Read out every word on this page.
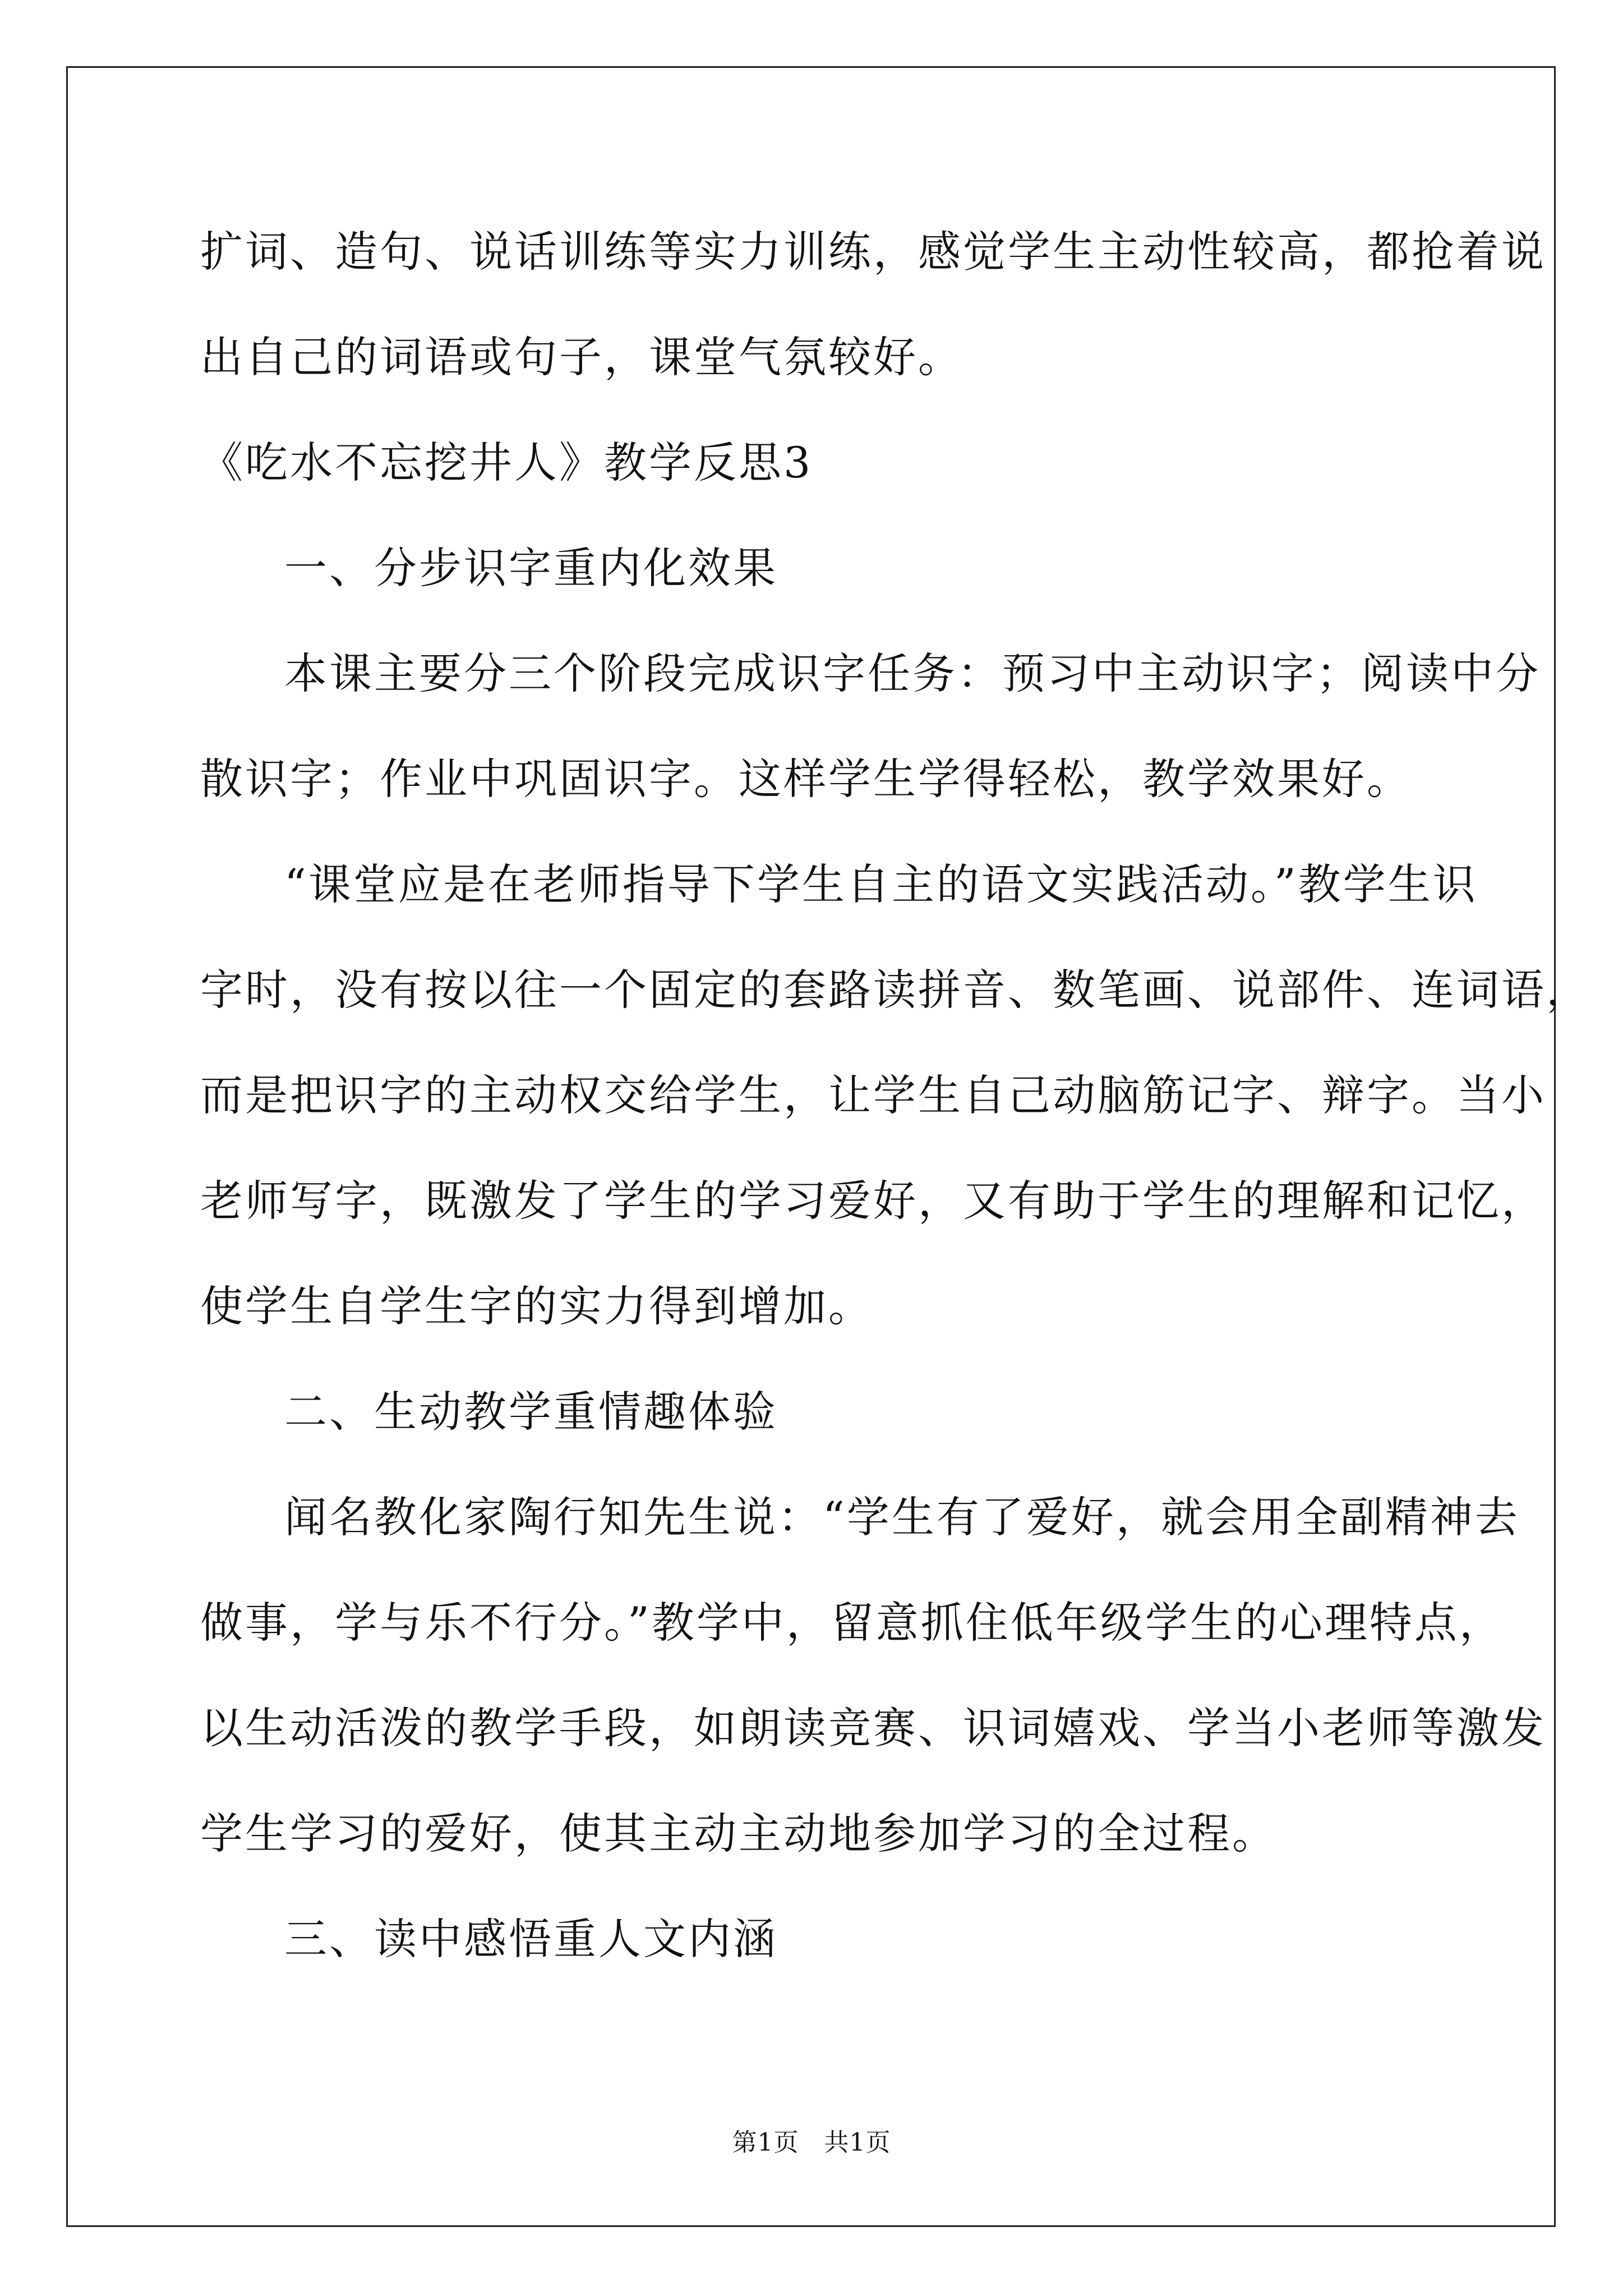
扩词、造句、说话训练等实力训练，感觉学生主动性较高，都抢着说
出自己的词语或句子，课堂气氛较好。
《吃水不忘挖井人》教学反思3
一、分步识字重内化效果
本课主要分三个阶段完成识字任务：预习中主动识字；阅读中分
散识字；作业中巩固识字。这样学生学得轻松，教学效果好。
“课堂应是在老师指导下学生自主的语文实践活动。”教学生识
字时，没有按以往一个固定的套路读拼音、数笔画、说部件、连词语，
而是把识字的主动权交给学生，让学生自己动脑筋记字、辩字。当小
老师写字，既激发了学生的学习爱好，又有助于学生的理解和记忆，
使学生自学生字的实力得到增加。
二、生动教学重情趣体验
闻名教化家陶行知先生说：“学生有了爱好，就会用全副精神去
做事，学与乐不行分。”教学中，留意抓住低年级学生的心理特点，
以生动活泼的教学手段，如朗读竞赛、识词嬉戏、学当小老师等激发
学生学习的爱好，使其主动主动地参加学习的全过程。
三、读中感悟重人文内涵
第1页　共1页
